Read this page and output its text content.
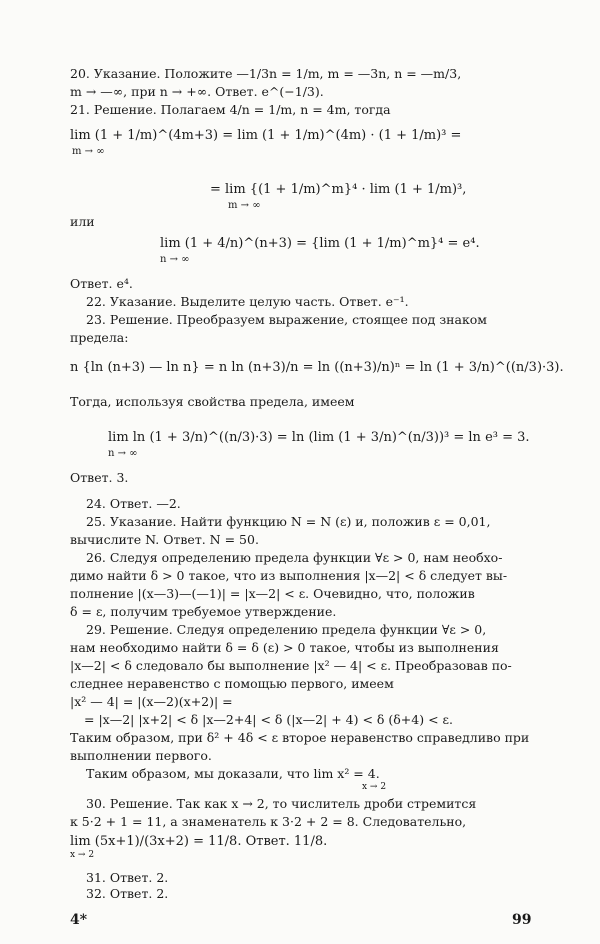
20. Указание. Положите —1/3n = 1/m, m = —3n, n = —m/3,
m → —∞, при n → +∞. Ответ. e^(−1/3).
21. Решение. Полагаем 4/n = 1/m, n = 4m, тогда
lim (1 + 1/m)^(4m+3) = lim (1 + 1/m)^(4m) · (1 + 1/m)³ =
m → ∞
= lim {(1 + 1/m)^m}⁴ · lim (1 + 1/m)³,
m → ∞
или
lim (1 + 4/n)^(n+3) = {lim (1 + 1/m)^m}⁴ = e⁴.
n → ∞
Ответ. e⁴.
22. Указание. Выделите целую часть. Ответ. e⁻¹.
23. Решение. Преобразуем выражение, стоящее под знаком
предела:
n {ln (n+3) — ln n} = n ln (n+3)/n = ln ((n+3)/n)ⁿ = ln (1 + 3/n)^((n/3)·3).
Тогда, используя свойства предела, имеем
lim ln (1 + 3/n)^((n/3)·3) = ln (lim (1 + 3/n)^(n/3))³ = ln e³ = 3.
n → ∞
Ответ. 3.
24. Ответ. —2.
25. Указание. Найти функцию N = N (ε) и, положив ε = 0,01,
вычислите N. Ответ. N = 50.
26. Следуя определению предела функции ∀ε > 0, нам необхо-
димо найти δ > 0 такое, что из выполнения |x—2| < δ следует вы-
полнение |(x—3)—(—1)| = |x—2| < ε. Очевидно, что, положив
δ = ε, получим требуемое утверждение.
29. Решение. Следуя определению предела функции ∀ε > 0,
нам необходимо найти δ = δ (ε) > 0 такое, чтобы из выполнения
|x—2| < δ следовало бы выполнение |x² — 4| < ε. Преобразовав по-
следнее неравенство с помощью первого, имеем
|x² — 4| = |(x—2)(x+2)| =
= |x—2| |x+2| < δ |x—2+4| < δ (|x—2| + 4) < δ (δ+4) < ε.
Таким образом, при δ² + 4δ < ε второе неравенство справедливо при
выполнении первого.
Таким образом, мы доказали, что lim x² = 4.
x → 2
30. Решение. Так как x → 2, то числитель дроби стремится
к 5·2 + 1 = 11, а знаменатель к 3·2 + 2 = 8. Следовательно,
lim (5x+1)/(3x+2) = 11/8. Ответ. 11/8.
x → 2
31. Ответ. 2.
32. Ответ. 2.
4*	99
